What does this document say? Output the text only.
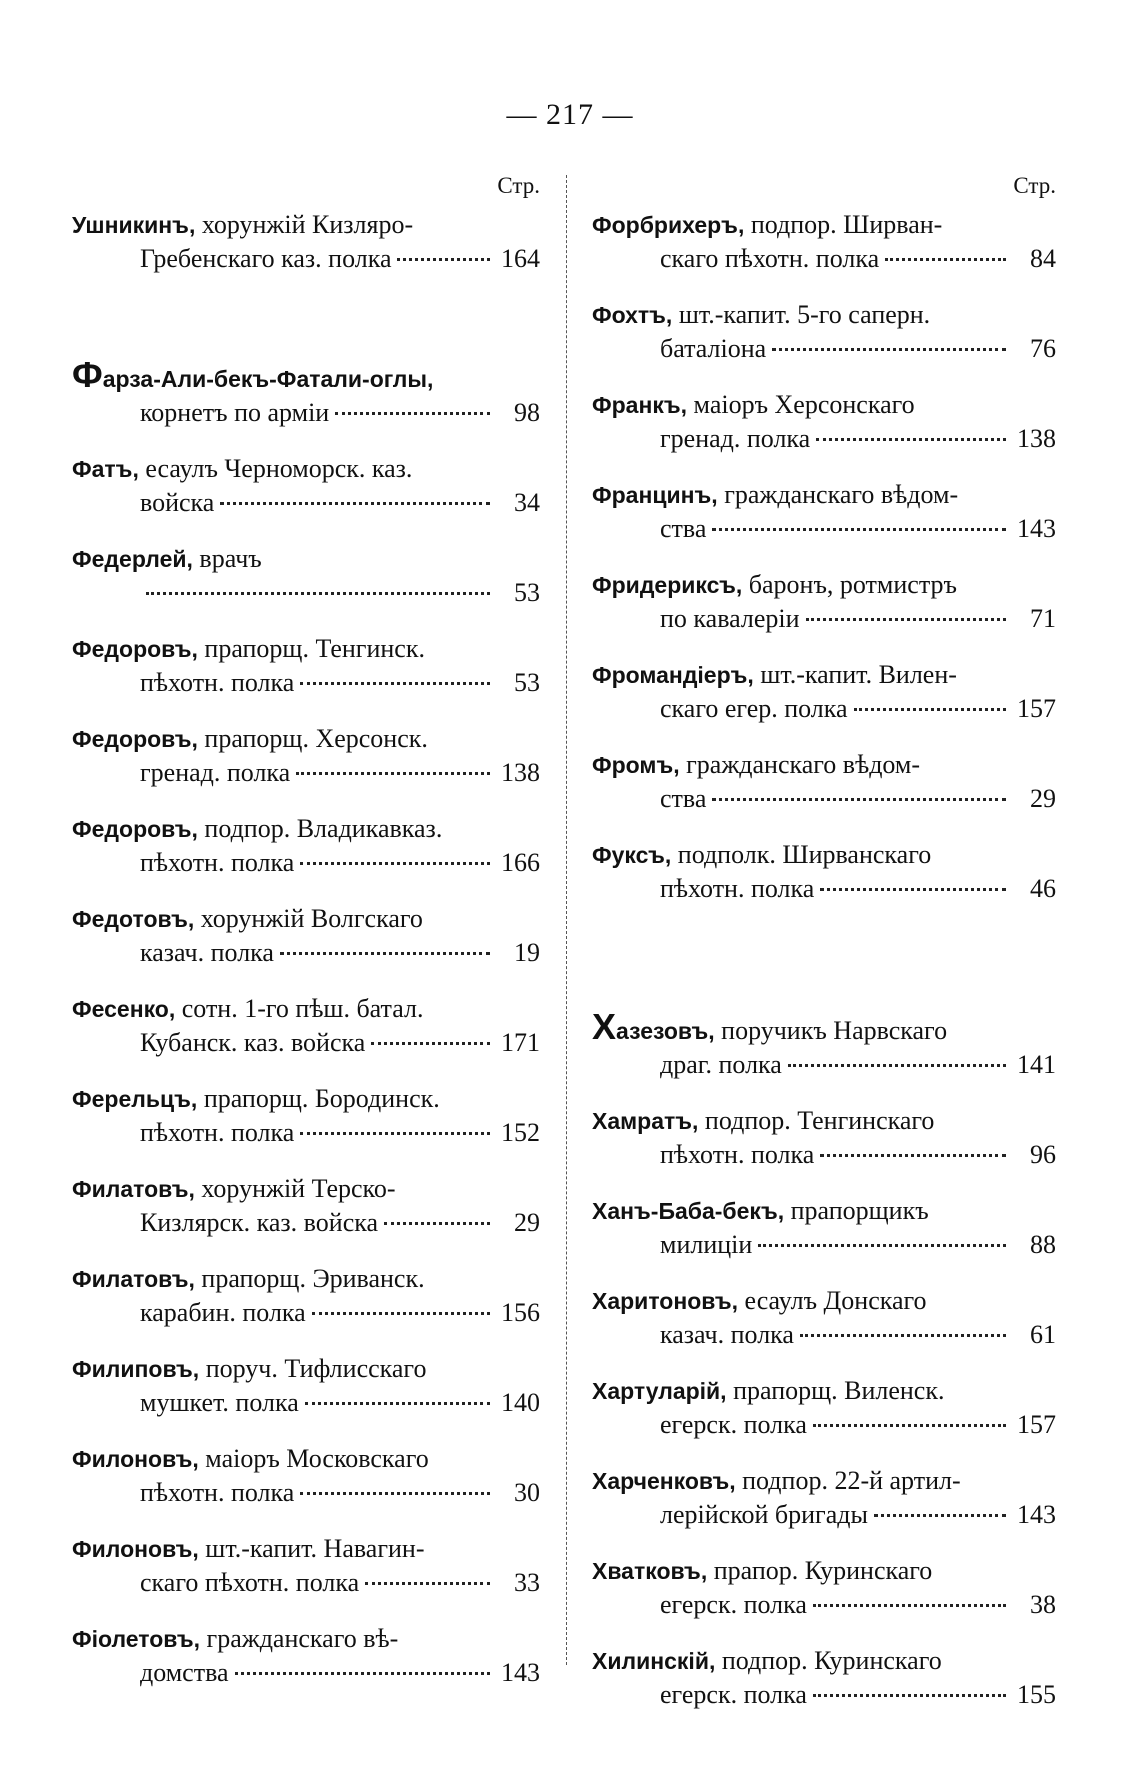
— 217 —
Стр.
Ушникинъ, хорунжій Кизляро-
Гребенскаго каз. полка	164
Фарза-Али-бекъ-Фатали-оглы,
корнетъ по арміи	98
Фатъ, есаулъ Черноморск. каз.
войска	34
Федерлей, врачъ
53
Федоровъ, прапорщ. Тенгинск.
пѣхотн. полка	53
Федоровъ, прапорщ. Херсонск.
гренад. полка	138
Федоровъ, подпор. Владикавказ.
пѣхотн. полка	166
Федотовъ, хорунжій Волгскаго
казач. полка	19
Фесенко, сотн. 1-го пѣш. батал.
Кубанск. каз. войска	171
Ферельцъ, прапорщ. Бородинск.
пѣхотн. полка	152
Филатовъ, хорунжій Терско-
Кизлярск. каз. войска	29
Филатовъ, прапорщ. Эриванск.
карабин. полка	156
Филиповъ, поруч. Тифлисскаго
мушкет. полка	140
Филоновъ, маіоръ Московскаго
пѣхотн. полка	30
Филоновъ, шт.-капит. Навагин-
скаго пѣхотн. полка	33
Фіолетовъ, гражданскаго вѣ-
домства	143
Стр.
Форбрихеръ, подпор. Ширван-
скаго пѣхотн. полка	84
Фохтъ, шт.-капит. 5-го саперн.
баталіона	76
Франкъ, маіоръ Херсонскаго
гренад. полка	138
Францинъ, гражданскаго вѣдом-
ства	143
Фридериксъ, баронъ, ротмистръ
по кавалеріи	71
Фромандіеръ, шт.-капит. Вилен-
скаго егер. полка	157
Фромъ, гражданскаго вѣдом-
ства	29
Фуксъ, подполк. Ширванскаго
пѣхотн. полка	46
Хазезовъ, поручикъ Нарвскаго
драг. полка	141
Хамратъ, подпор. Тенгинскаго
пѣхотн. полка	96
Ханъ-Баба-бекъ, прапорщикъ
милиціи	88
Харитоновъ, есаулъ Донскаго
казач. полка	61
Хартуларій, прапорщ. Виленск.
егерск. полка	157
Харченковъ, подпор. 22-й артил-
лерійской бригады	143
Хватковъ, прапор. Куринскаго
егерск. полка	38
Хилинскій, подпор. Куринскаго
егерск. полка	155
